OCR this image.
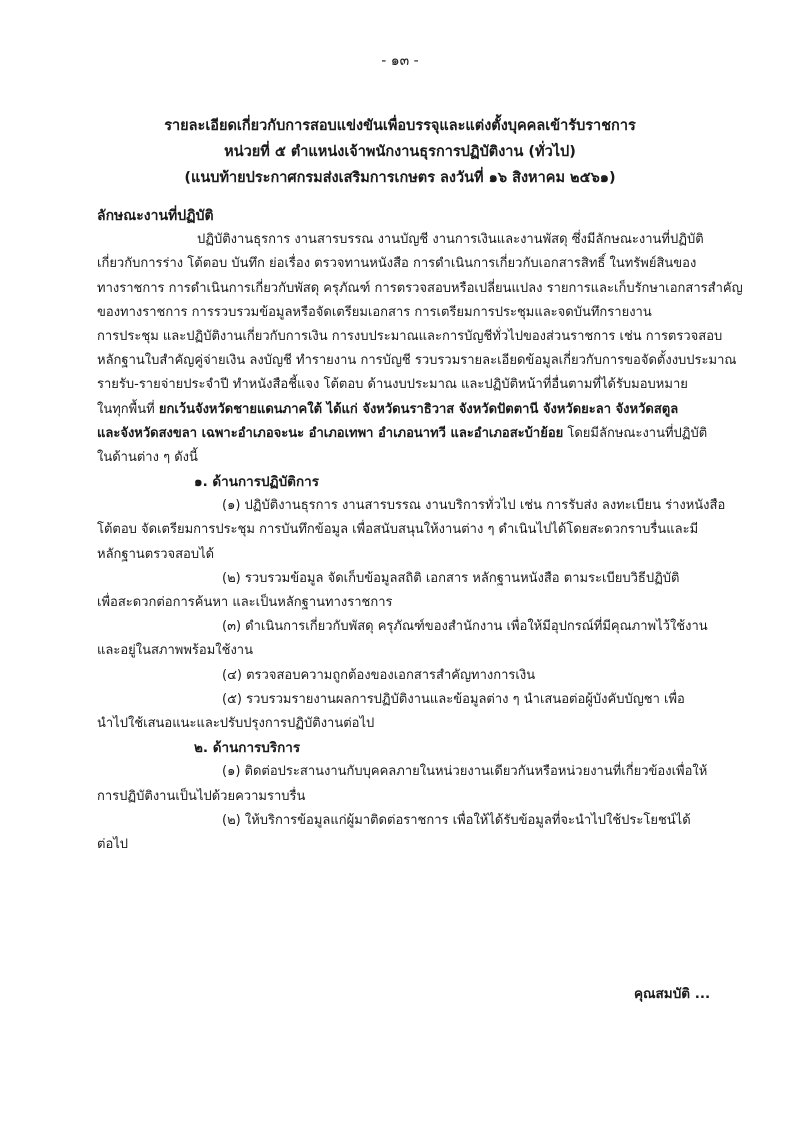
- ๑๓ -
รายละเอียดเกี่ยวกับการสอบแข่งขันเพื่อบรรจุและแต่งตั้งบุคคลเข้ารับราชการ
หน่วยที่ ๕ ตำแหน่งเจ้าพนักงานธุรการปฏิบัติงาน (ทั่วไป)
(แนบท้ายประกาศกรมส่งเสริมการเกษตร ลงวันที่ ๑๖ สิงหาคม ๒๕๖๑)
ลักษณะงานที่ปฏิบัติ
ปฏิบัติงานธุรการ งานสารบรรณ งานบัญชี งานการเงินและงานพัสดุ ซึ่งมีลักษณะงานที่ปฏิบัติ
เกี่ยวกับการร่าง โต้ตอบ บันทึก ย่อเรื่อง ตรวจทานหนังสือ การดำเนินการเกี่ยวกับเอกสารสิทธิ์ ในทรัพย์สินของ
ทางราชการ การดำเนินการเกี่ยวกับพัสดุ ครุภัณฑ์ การตรวจสอบหรือเปลี่ยนแปลง รายการและเก็บรักษาเอกสารสำคัญ
ของทางราชการ การรวบรวมข้อมูลหรือจัดเตรียมเอกสาร การเตรียมการประชุมและจดบันทึกรายงาน
การประชุม และปฏิบัติงานเกี่ยวกับการเงิน การงบประมาณและการบัญชีทั่วไปของส่วนราชการ เช่น การตรวจสอบ
หลักฐานใบสำคัญคู่จ่ายเงิน ลงบัญชี ทำรายงาน การบัญชี รวบรวมรายละเอียดข้อมูลเกี่ยวกับการขอจัดตั้งงบประมาณ
รายรับ-รายจ่ายประจำปี ทำหนังสือชี้แจง โต้ตอบ ด้านงบประมาณ และปฏิบัติหน้าที่อื่นตามที่ได้รับมอบหมาย
ในทุกพื้นที่ ยกเว้นจังหวัดชายแดนภาคใต้ ได้แก่ จังหวัดนราธิวาส จังหวัดปัตตานี จังหวัดยะลา จังหวัดสตูล
และจังหวัดสงขลา เฉพาะอำเภอจะนะ อำเภอเทพา อำเภอนาทวี และอำเภอสะบ้าย้อย โดยมีลักษณะงานที่ปฏิบัติ
ในด้านต่าง ๆ ดังนี้
๑. ด้านการปฏิบัติการ
(๑) ปฏิบัติงานธุรการ งานสารบรรณ งานบริการทั่วไป เช่น การรับส่ง ลงทะเบียน ร่างหนังสือ
โต้ตอบ จัดเตรียมการประชุม การบันทึกข้อมูล เพื่อสนับสนุนให้งานต่าง ๆ ดำเนินไปได้โดยสะดวกราบรื่นและมี
หลักฐานตรวจสอบได้
(๒) รวบรวมข้อมูล จัดเก็บข้อมูลสถิติ เอกสาร หลักฐานหนังสือ ตามระเบียบวิธีปฏิบัติ
เพื่อสะดวกต่อการค้นหา และเป็นหลักฐานทางราชการ
(๓) ดำเนินการเกี่ยวกับพัสดุ ครุภัณฑ์ของสำนักงาน เพื่อให้มีอุปกรณ์ที่มีคุณภาพไว้ใช้งาน
และอยู่ในสภาพพร้อมใช้งาน
(๔) ตรวจสอบความถูกต้องของเอกสารสำคัญทางการเงิน
(๕) รวบรวมรายงานผลการปฏิบัติงานและข้อมูลต่าง ๆ นำเสนอต่อผู้บังคับบัญชา เพื่อ
นำไปใช้เสนอแนะและปรับปรุงการปฏิบัติงานต่อไป
๒. ด้านการบริการ
(๑) ติดต่อประสานงานกับบุคคลภายในหน่วยงานเดียวกันหรือหน่วยงานที่เกี่ยวข้องเพื่อให้
การปฏิบัติงานเป็นไปด้วยความราบรื่น
(๒) ให้บริการข้อมูลแก่ผู้มาติดต่อราชการ เพื่อให้ได้รับข้อมูลที่จะนำไปใช้ประโยชน์ได้
ต่อไป
คุณสมบัติ ...
